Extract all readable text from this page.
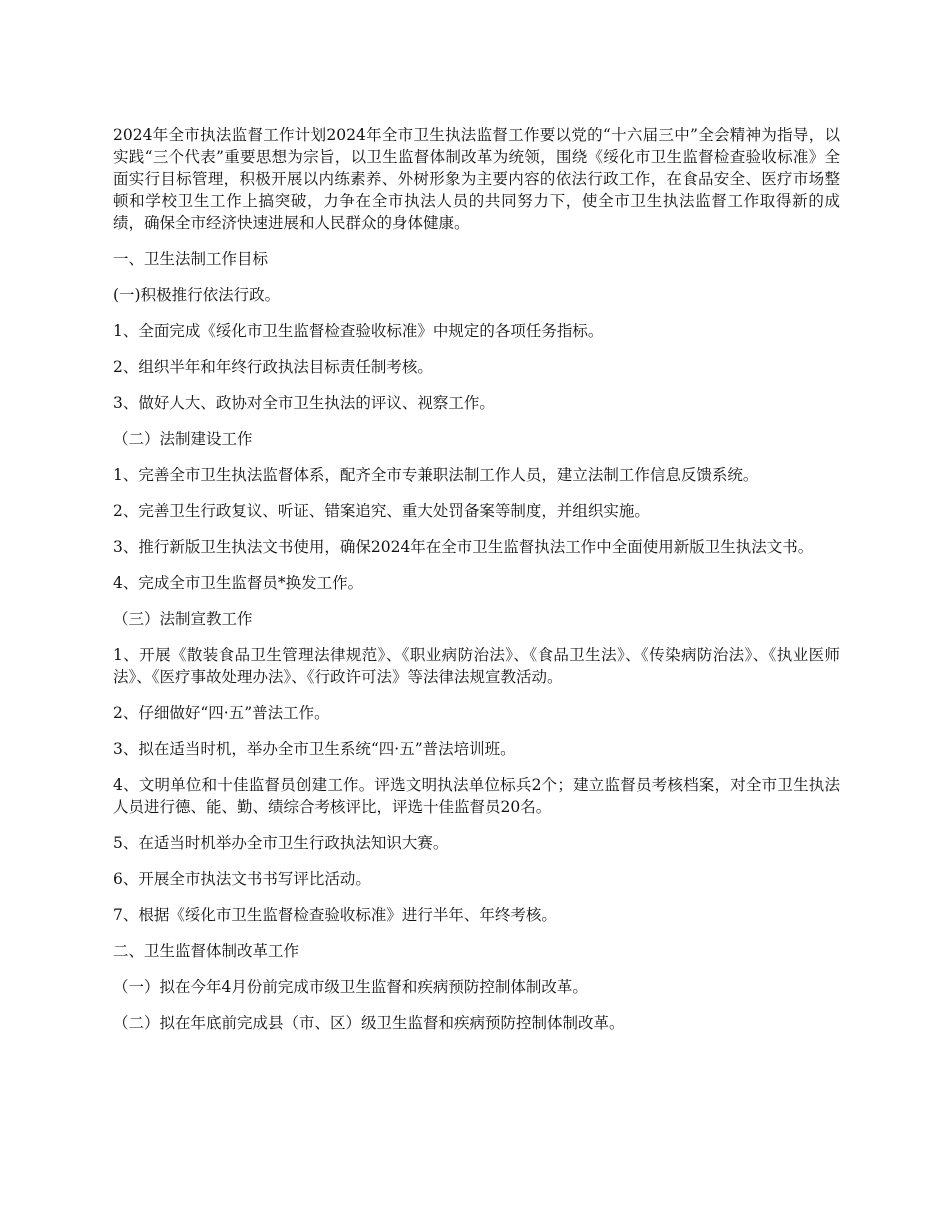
2024年全市执法监督工作计划2024年全市卫生执法监督工作要以党的“十六届三中”全会精神为指导，以实践“三个代表”重要思想为宗旨，以卫生监督体制改革为统领，围绕《绥化市卫生监督检查验收标准》全面实行目标管理，积极开展以内练素养、外树形象为主要内容的依法行政工作，在食品安全、医疗市场整顿和学校卫生工作上搞突破，力争在全市执法人员的共同努力下，使全市卫生执法监督工作取得新的成绩，确保全市经济快速进展和人民群众的身体健康。

一、卫生法制工作目标

(一)积极推行依法行政。

1、全面完成《绥化市卫生监督检查验收标准》中规定的各项任务指标。

2、组织半年和年终行政执法目标责任制考核。

3、做好人大、政协对全市卫生执法的评议、视察工作。

（二）法制建设工作

1、完善全市卫生执法监督体系，配齐全市专兼职法制工作人员，建立法制工作信息反馈系统。

2、完善卫生行政复议、听证、错案追究、重大处罚备案等制度，并组织实施。

3、推行新版卫生执法文书使用，确保2024年在全市卫生监督执法工作中全面使用新版卫生执法文书。

4、完成全市卫生监督员*换发工作。

（三）法制宣教工作

1、开展《散装食品卫生管理法律规范》、《职业病防治法》、《食品卫生法》、《传染病防治法》、《执业医师法》、《医疗事故处理办法》、《行政许可法》等法律法规宣教活动。

2、仔细做好“四·五”普法工作。

3、拟在适当时机，举办全市卫生系统“四·五”普法培训班。

4、文明单位和十佳监督员创建工作。评选文明执法单位标兵2个；建立监督员考核档案，对全市卫生执法人员进行德、能、勤、绩综合考核评比，评选十佳监督员20名。

5、在适当时机举办全市卫生行政执法知识大赛。

6、开展全市执法文书书写评比活动。

7、根据《绥化市卫生监督检查验收标准》进行半年、年终考核。

二、卫生监督体制改革工作

（一）拟在今年4月份前完成市级卫生监督和疾病预防控制体制改革。

（二）拟在年底前完成县（市、区）级卫生监督和疾病预防控制体制改革。
